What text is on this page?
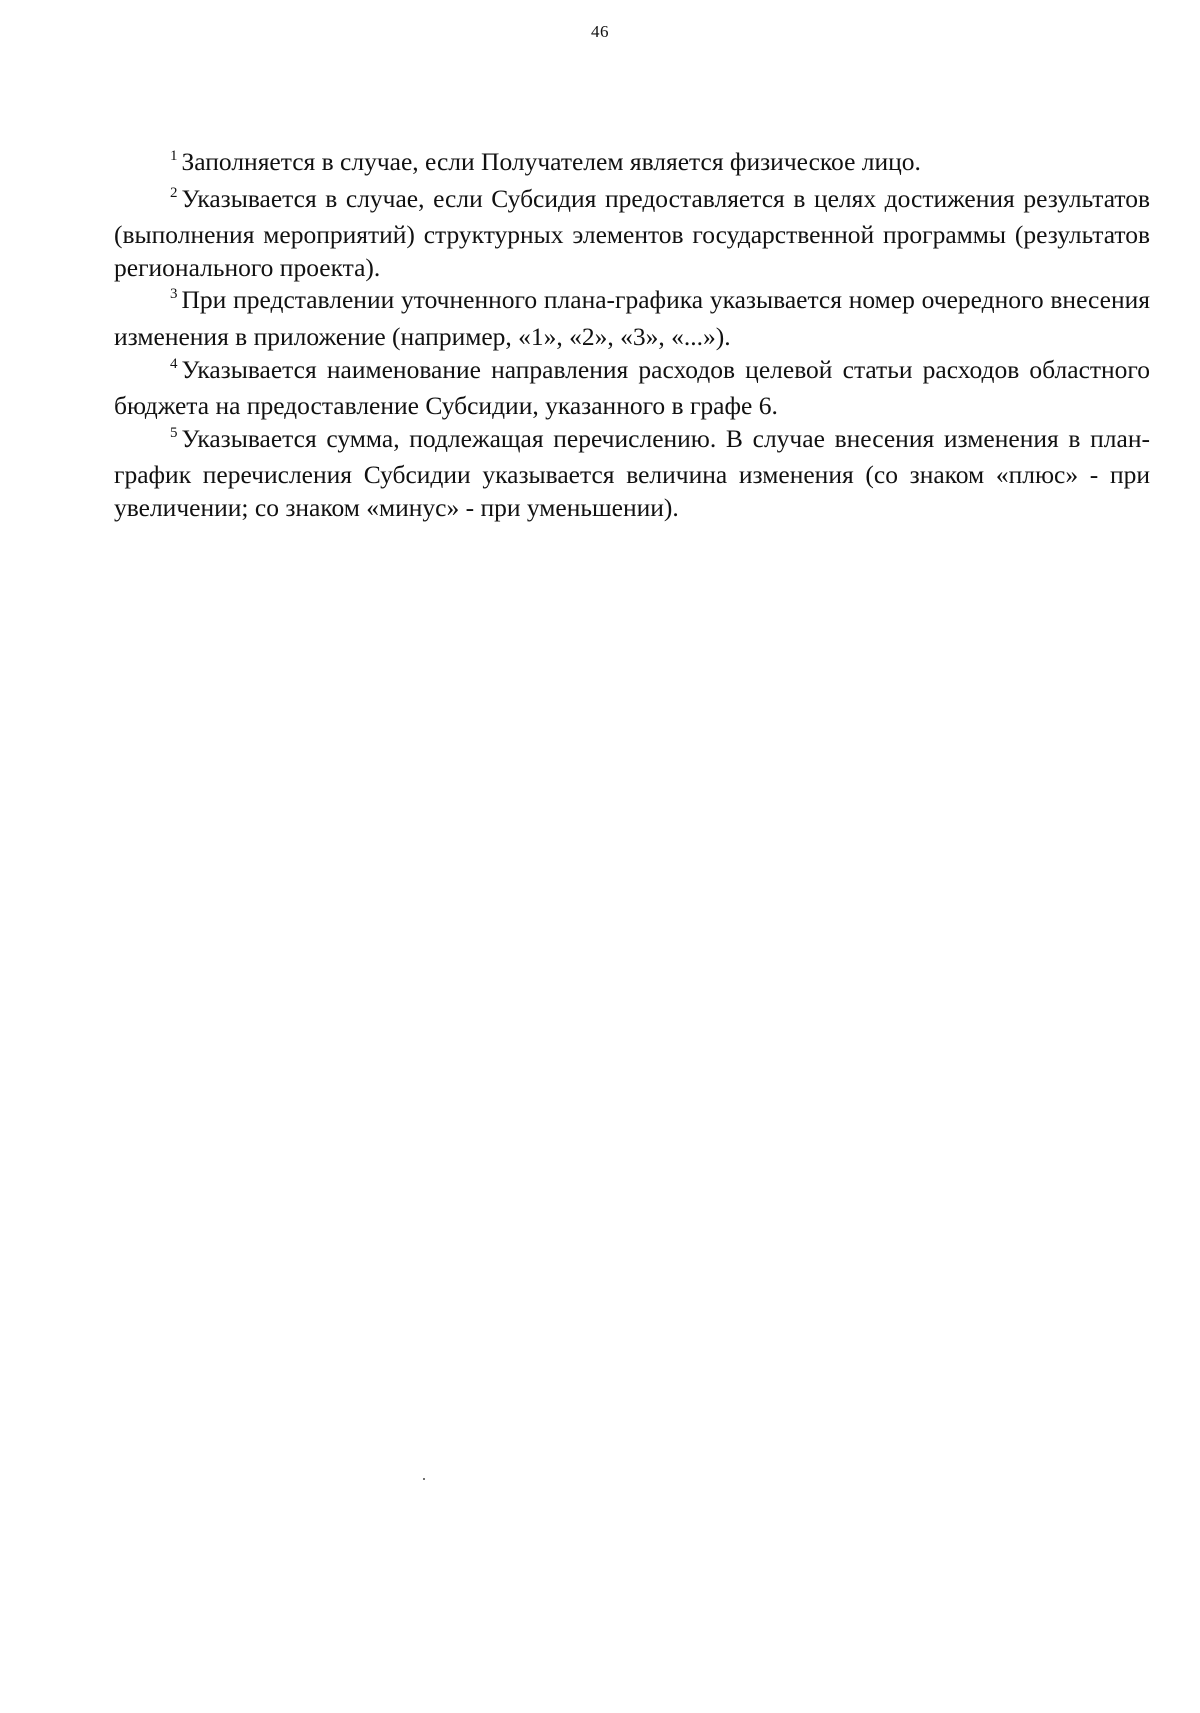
46

$^1$ Заполняется в случае, если Получателем является физическое лицо.

$^2$ Указывается в случае, если Субсидия предоставляется в целях достижения результатов (выполнения мероприятий) структурных элементов государственной программы (результатов регионального проекта).

$^3$ При представлении уточненного плана-графика указывается номер очередного внесения изменения в приложение (например, «1», «2», «3», «...»).

$^4$ Указывается наименование направления расходов целевой статьи расходов областного бюджета на предоставление Субсидии, указанного в графе 6.

$^5$ Указывается сумма, подлежащая перечислению. В случае внесения изменения в план-график перечисления Субсидии указывается величина изменения (со знаком «плюс» - при увеличении; со знаком «минус» - при уменьшении).
